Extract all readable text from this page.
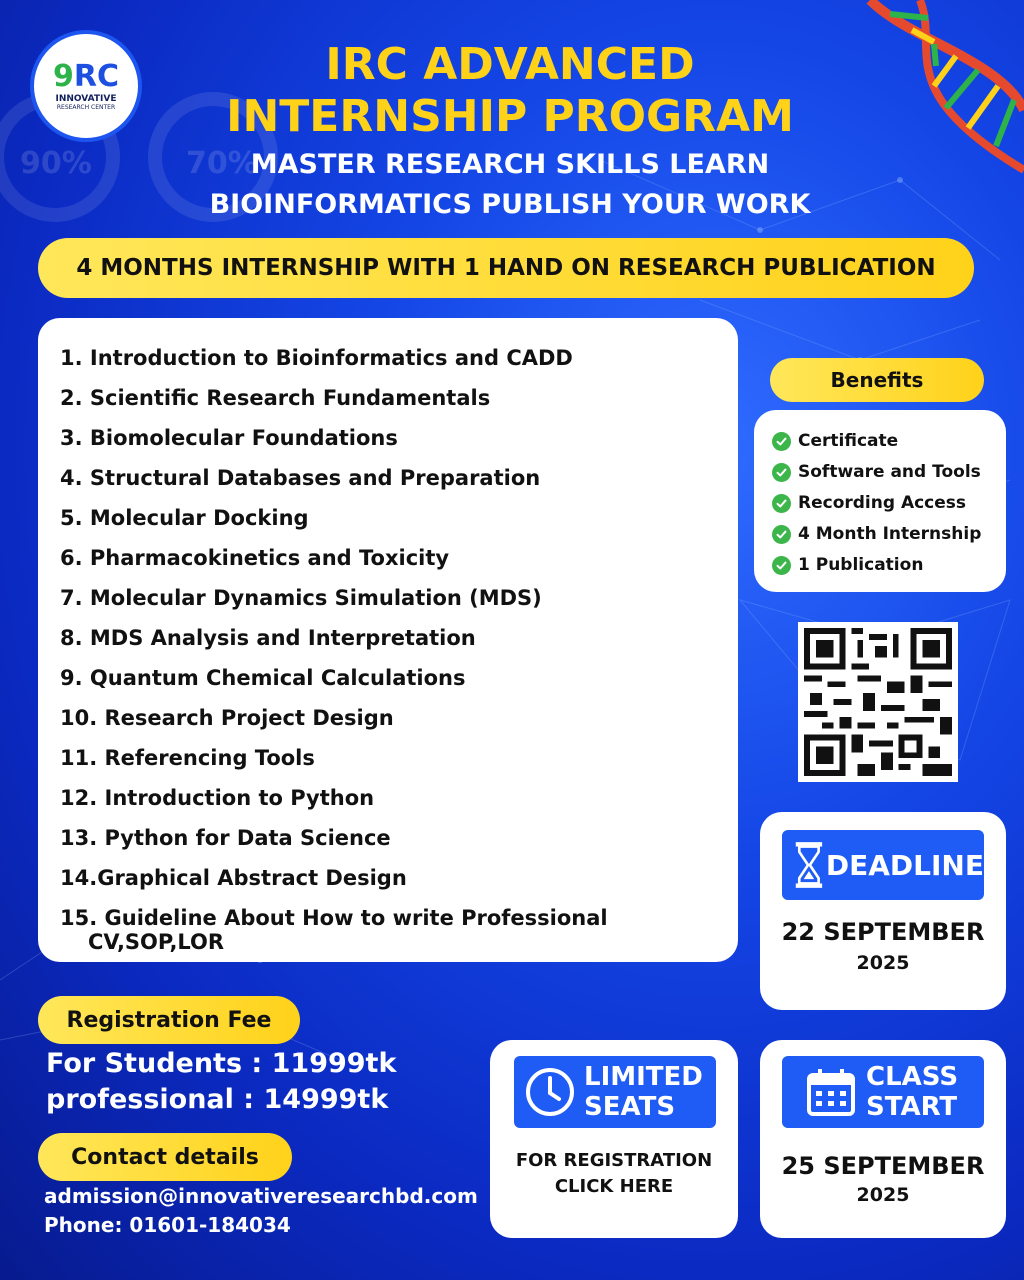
90%	70%
9RC
INNOVATIVE
RESEARCH CENTER
IRC ADVANCED
INTERNSHIP PROGRAM
MASTER RESEARCH SKILLS LEARN
BIOINFORMATICS PUBLISH YOUR WORK
4 MONTHS INTERNSHIP WITH 1 HAND ON RESEARCH PUBLICATION
1. Introduction to Bioinformatics and CADD
2. Scientific Research Fundamentals
3. Biomolecular Foundations
4. Structural Databases and Preparation
5. Molecular Docking
6. Pharmacokinetics and Toxicity
7. Molecular Dynamics Simulation (MDS)
8. MDS Analysis and Interpretation
9. Quantum Chemical Calculations
10. Research Project Design
11. Referencing Tools
12. Introduction to Python
13. Python for Data Science
14.Graphical Abstract Design
15. Guideline About How to write Professional
CV,SOP,LOR
Benefits
Certificate
Software and Tools
Recording Access
4 Month Internship
1 Publication
DEADLINE
22 SEPTEMBER
2025
Registration Fee
For Students : 11999tk
professional : 14999tk
Contact details
admission@innovativeresearchbd.com
Phone: 01601-184034
LIMITED
SEATS
FOR REGISTRATION
CLICK HERE
CLASS
START
25 SEPTEMBER
2025
